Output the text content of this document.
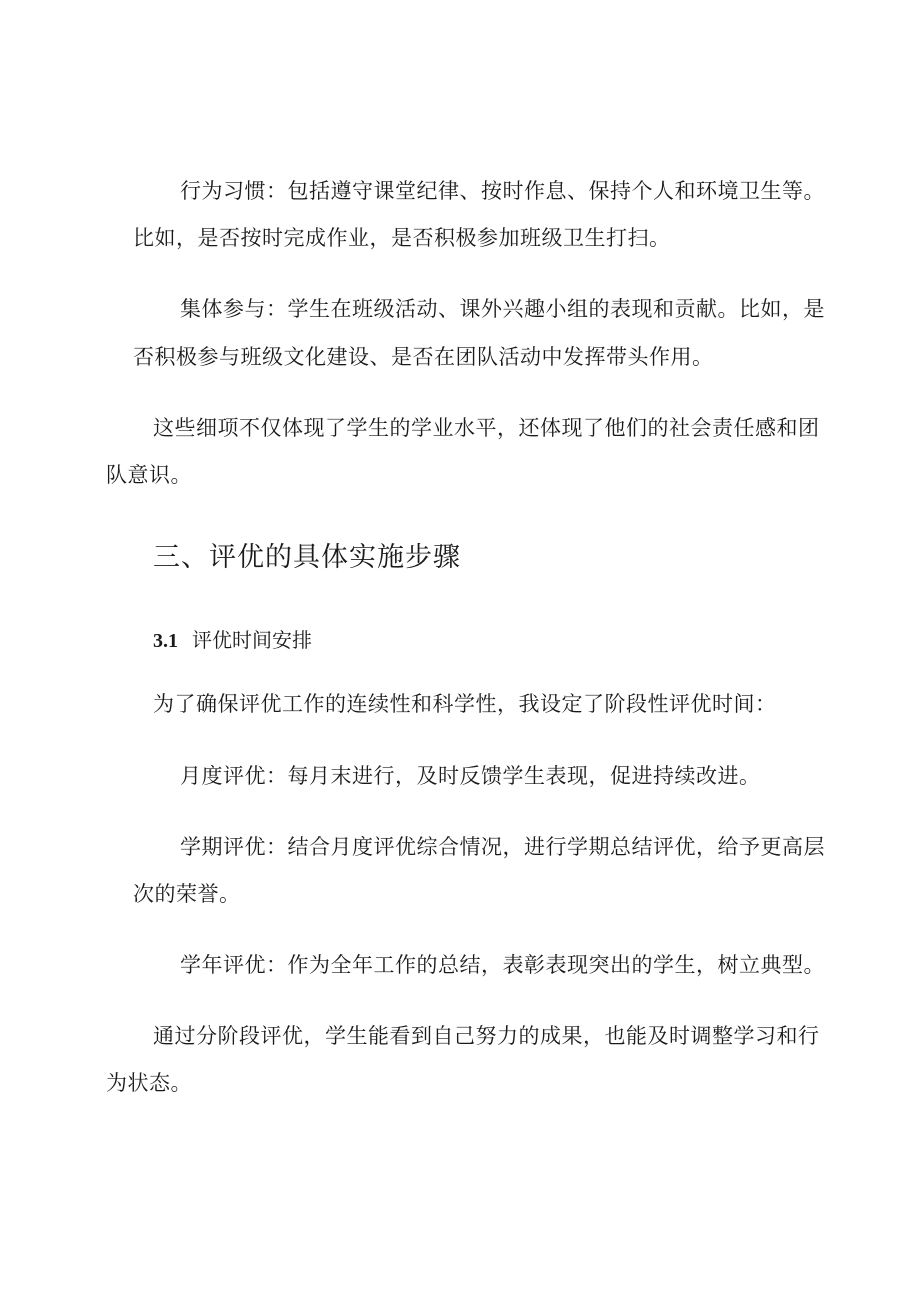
行为习惯：包括遵守课堂纪律、按时作息、保持个人和环境卫生等。

比如，是否按时完成作业，是否积极参加班级卫生打扫。

集体参与：学生在班级活动、课外兴趣小组的表现和贡献。比如，是

否积极参与班级文化建设、是否在团队活动中发挥带头作用。

这些细项不仅体现了学生的学业水平，还体现了他们的社会责任感和团

队意识。

三、评优的具体实施步骤

3.1 评优时间安排

为了确保评优工作的连续性和科学性，我设定了阶段性评优时间：

月度评优：每月末进行，及时反馈学生表现，促进持续改进。

学期评优：结合月度评优综合情况，进行学期总结评优，给予更高层

次的荣誉。

学年评优：作为全年工作的总结，表彰表现突出的学生，树立典型。

通过分阶段评优，学生能看到自己努力的成果，也能及时调整学习和行

为状态。
